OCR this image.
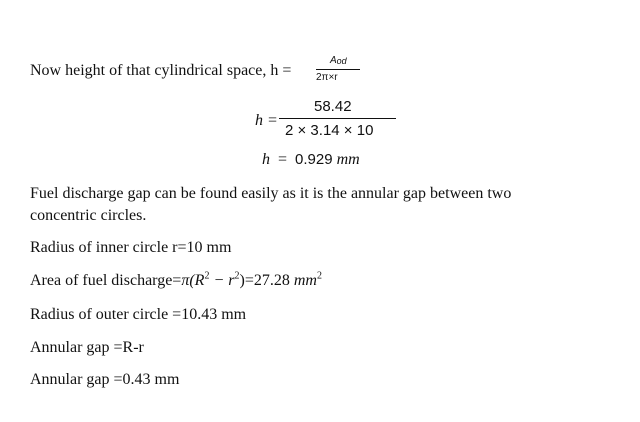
Now height of that cylindrical space, h =
Aod
2π×r
h =
58.42
2 × 3.14 × 10
h = 0.929 mm
Fuel discharge gap can be found easily as it is the annular gap between two
concentric circles.
Radius of inner circle r=10 mm
Area of fuel $discharge=\pi(R^2 - r^2)=27.28$ $mm^2$
Radius of outer circle =10.43 mm
Annular gap =R-r
Annular gap =0.43 mm
